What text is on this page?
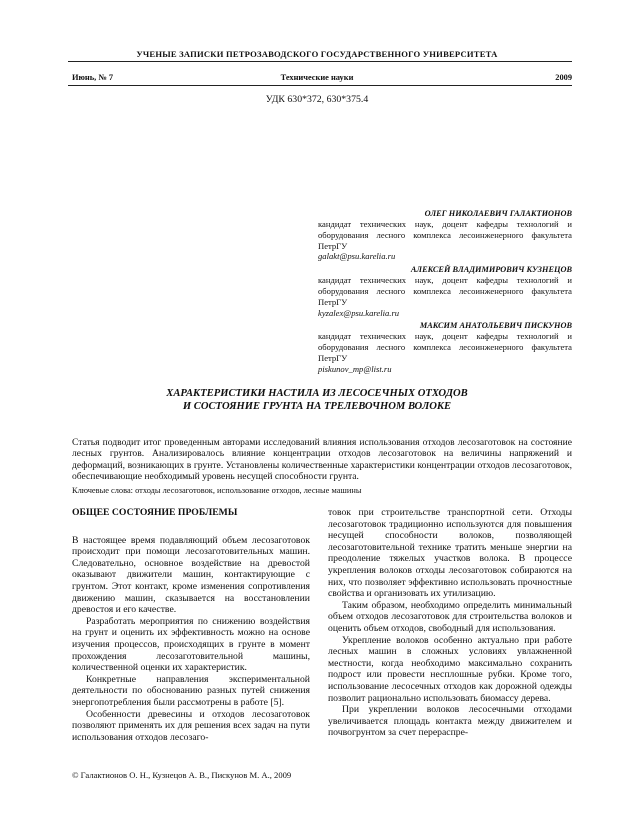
УЧЕНЫЕ ЗАПИСКИ ПЕТРОЗАВОДСКОГО ГОСУДАРСТВЕННОГО УНИВЕРСИТЕТА
Июнь, № 7	Технические науки	2009
УДК 630*372, 630*375.4
ОЛЕГ НИКОЛАЕВИЧ ГАЛАКТИОНОВ
кандидат технических наук, доцент кафедры технологий и оборудования лесного комплекса лесоинженерного факультета ПетрГУ
galakt@psu.karelia.ru
АЛЕКСЕЙ ВЛАДИМИРОВИЧ КУЗНЕЦОВ
кандидат технических наук, доцент кафедры технологий и оборудования лесного комплекса лесоинженерного факультета ПетрГУ
kyzalex@psu.karelia.ru
МАКСИМ АНАТОЛЬЕВИЧ ПИСКУНОВ
кандидат технических наук, доцент кафедры технологий и оборудования лесного комплекса лесоинженерного факультета ПетрГУ
piskunov_mp@list.ru
ХАРАКТЕРИСТИКИ НАСТИЛА ИЗ ЛЕСОСЕЧНЫХ ОТХОДОВ
И СОСТОЯНИЕ ГРУНТА НА ТРЕЛЕВОЧНОМ ВОЛОКЕ
Статья подводит итог проведенным авторами исследований влияния использования отходов лесозаготовок на состояние лесных грунтов. Анализировалось влияние концентрации отходов лесозаготовок на величины напряжений и деформаций, возникающих в грунте. Установлены количественные характеристики концентрации отходов лесозаготовок, обеспечивающие необходимый уровень несущей способности грунта.
Ключевые слова: отходы лесозаготовок, использование отходов, лесные машины
ОБЩЕЕ СОСТОЯНИЕ ПРОБЛЕМЫ

В настоящее время подавляющий объем лесозаготовок происходит при помощи лесозаготовительных машин. Следовательно, основное воздействие на древостой оказывают движители машин, контактирующие с грунтом. Этот контакт, кроме изменения сопротивления движению машин, сказывается на восстановлении древостоя и его качестве.

Разработать мероприятия по снижению воздействия на грунт и оценить их эффективность можно на основе изучения процессов, происходящих в грунте в момент прохождения лесозаготовительной машины, количественной оценки их характеристик.

Конкретные направления экспериментальной деятельности по обоснованию разных путей снижения энергопотребления были рассмотрены в работе [5].

Особенности древесины и отходов лесозаготовок позволяют применять их для решения всех задач на пути использования отходов лесозаго-

товок при строительстве транспортной сети. Отходы лесозаготовок традиционно используются для повышения несущей способности волоков, позволяющей лесозаготовительной технике тратить меньше энергии на преодоление тяжелых участков волока. В процессе укрепления волоков отходы лесозаготовок собираются на них, что позволяет эффективно использовать прочностные свойства и организовать их утилизацию.

Таким образом, необходимо определить минимальный объем отходов лесозаготовок для строительства волоков и оценить объем отходов, свободный для использования.

Укрепление волоков особенно актуально при работе лесных машин в сложных условиях увлажненной местности, когда необходимо максимально сохранить подрост или провести несплошные рубки. Кроме того, использование лесосечных отходов как дорожной одежды позволит рационально использовать биомассу дерева.

При укреплении волоков лесосечными отходами увеличивается площадь контакта между движителем и почвогрунтом за счет перераспре-

© Галактионов О. Н., Кузнецов А. В., Пискунов М. А., 2009
